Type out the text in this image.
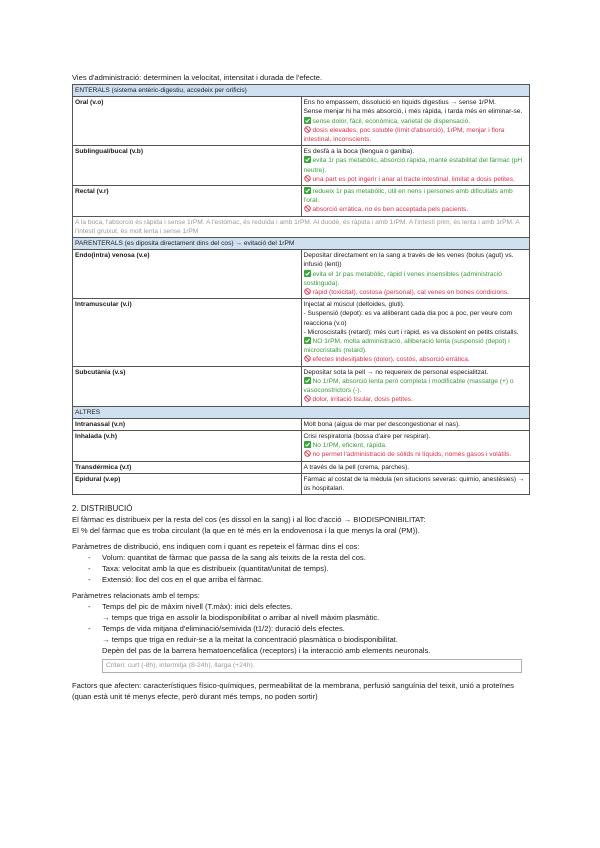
Vies d'administració: determinen la velocitat, intensitat i durada de l'efecte.

ENTERALS (sistema entèric-digestiu, accedeix per orificis)	
Oral (v.o)	Ens ho empassem, dissolució en líquids digestius → sense 1rPM.
Sense menjar hi ha més absorció, i més ràpida, i tarda més en eliminar-se.
sense dolor, fàcil, econòmica, varietat de dispensació.
dosis elevades, poc soluble (límit d'absorció), 1rPM, menjar i flora intestinal, inconscients.

Sublingual/bucal (v.b)	Es desfà a la boca (llengua o ganiba).
evita 1r pas metabòlic, absorció ràpida, manté estabilitat del fàrmac (pH neutre).
una part es pot ingerir i anar al tracte intestinal, limitat a dosis petites.

Rectal (v.r)	redueix 1r pas metabòlic, útil en nens i persones amb dificultats amb l'oral.
absorció errática, no és ben acceptada pels pacients.

A la boca, l'absorció és ràpida i sense 1rPM. A l'estómac, és reduïda i amb 1rPM. Al duodè, és ràpida i amb 1rPM. A l'intestí prim, és lenta i amb 1rPM. A l'intestí gruixut, és molt lenta i sense 1rPM	
PARENTERALS (es diposita directament dins del cos) → evitació del 1rPM	
Endo(intra) venosa (v.e)	Depositar directament en la sang a través de les venes (bolus (agut) vs. infusió (lent))
evita el 1r pas metabòlic, ràpid i venes insensibles (administració sostinguda).
ràpid (toxicitat), costosa (personal), cal venes en bones condicions.

Intramuscular (v.i)	Injectat al múscul (deltoides, gluti).
- Suspensió (depot): es va alliberant cada dia poc a poc, per veure com reacciona (v.o)
- Microscistalls (retard): més curt i ràpid, es va dissolent en petits cristalls.
NO 1rPM, molta administració, alliberació lenta (suspensió (depot) i microcristalls (retard).
efectes indesitjables (dolor), costós, absorció errática.

Subcutània (v.s)	Depositar sota la pell → no requereix de personal especialitzat.
No 1rPM, absorció lenta però completa i modificable (massatge (+) o vasoconstrictors (-).
dolor, irritació tisular, dosis petites.

ALTRES	
Intranassal (v.n)	Molt bona (aigua de mar per descongestionar el nas).

Inhalada (v.h)	Crisi respiratoria (bossa d'aire per respirar).
No 1rPM, eficient, ràpida.
no permet l'administració de sòlids ni líquids, només gasos i volàtils.

Transdérmica (v.t)	A través de la pell (crema, parches).

Epidural (v.ep)	Fàrmac al costat de la mèdula (en situcions severas: quimio, anestèsies) → ús hospitalari.
2. DISTRIBUCIÓ

El fàrmac es distribueix per la resta del cos (es dissol en la sang) i al lloc d'acció → BIODISPONIBILITAT:

El % del fàrmac que es troba circulant (la que en té més en la endovenosa i la que menys la oral (PM)).

Paràmetres de distribució, ens indiquen com i quant es repeteix el fàrmac dins el cos:

- Volum: quantitat de fàrmac que passa de la sang als teixits de la resta del cos.
- Taxa: velocitat amb la que es distribueix (quantitat/unitat de temps).
- Extensió: lloc del cos en el que arriba el fàrmac.

Paràmetres relacionats amb el temps:

- Temps del pic de màxim nivell (T.màx): inici dels efectes.
→ temps que triga en assolir la biodisponibilitat o arribar al nivell màxim plasmàtic.
- Temps de vida mitjana d'eliminació/semivida (t1/2): duració dels efectes.
→ temps que triga en reduir-se a la meitat la concentració plasmàtica o biodisponibilitat.
Depèn del pas de la barrera hematoencefàlica (receptors) i la interacció amb elements neuronals.
Criteri: curt (-8h), intermitja (8-24h), llarga (+24h).

Factors que afecten: característiques físico-químiques, permeabilitat de la membrana, perfusió sanguínia del teixit, unió a proteïnes (quan està unit té menys efecte, però durant més temps, no poden sortir)
